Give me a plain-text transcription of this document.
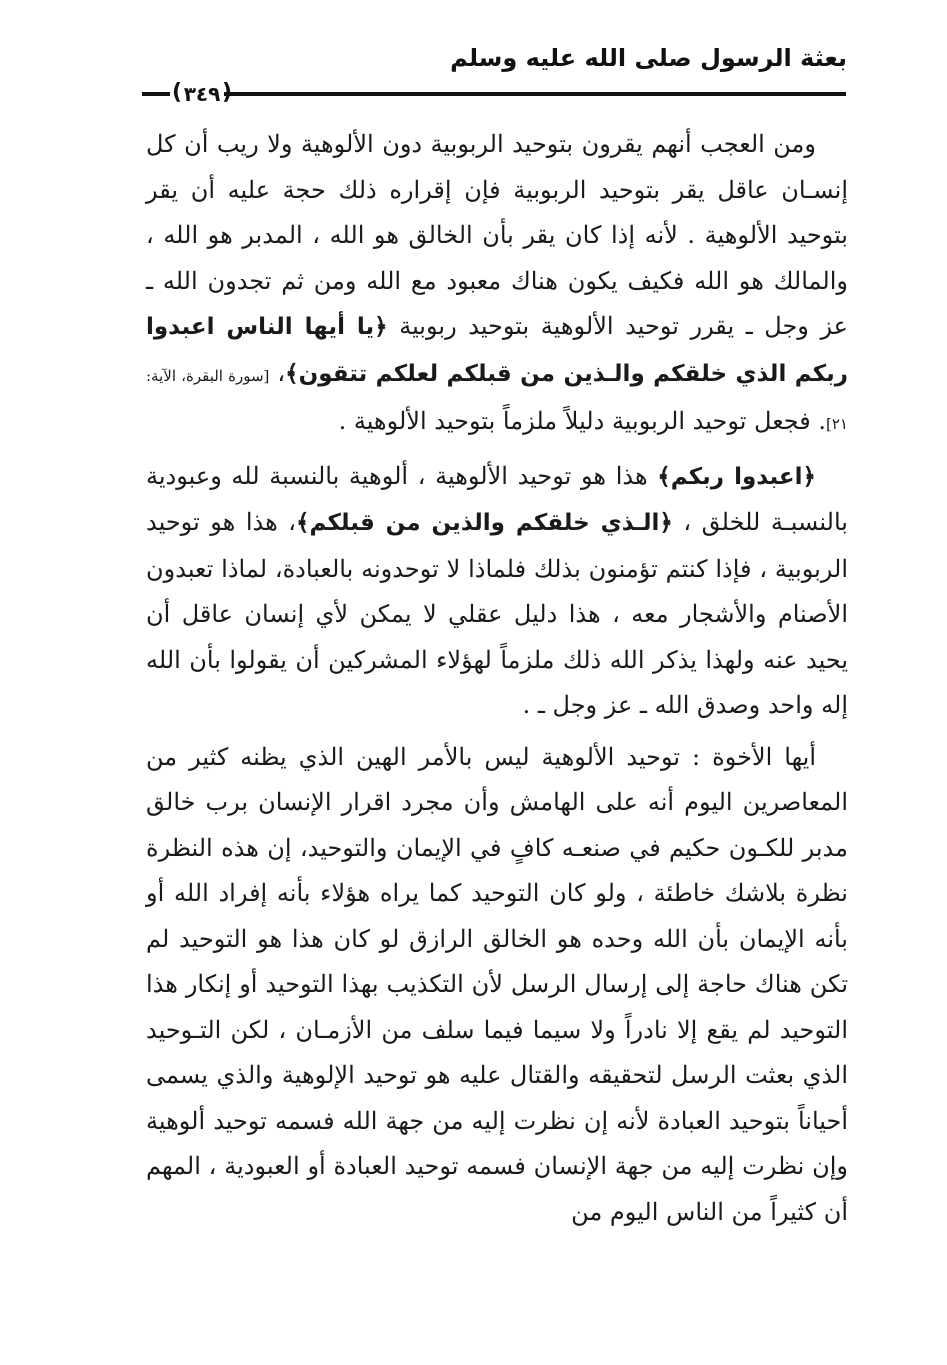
بعثة الرسول صلى الله عليه وسلم
( ٣٤٩ )

ومن العجب أنهم يقرون بتوحيد الربوبية دون الألوهية ولا ريب أن كل إنسـان عاقل يقر بتوحيد الربوبية فإن إقراره ذلك حجة عليه أن يقر بتوحيد الألوهية . لأنه إذا كان يقر بأن الخالق هو الله ، المدبر هو الله ، والمالك هو الله فكيف يكون هناك معبود مع الله ومن ثم تجدون الله ـ عز وجل ـ يقرر توحيد الألوهية بتوحيد ربوبية ﴿يا أيها الناس اعبدوا ربكم الذي خلقكم والـذين من قبلكم لعلكم تتقون﴾، [سورة البقرة، الآية: ٢١]. فجعل توحيد الربوبية دليلاً ملزماً بتوحيد الألوهية .

﴿اعبدوا ربكم﴾ هذا هو توحيد الألوهية ، ألوهية بالنسبة لله وعبودية بالنسبـة للخلق ، ﴿الـذي خلقكم والذين من قبلكم﴾، هذا هو توحيد الربوبية ، فإذا كنتم تؤمنون بذلك فلماذا لا توحدونه بالعبادة، لماذا تعبدون الأصنام والأشجار معه ، هذا دليل عقلي لا يمكن لأي إنسان عاقل أن يحيد عنه ولهذا يذكر الله ذلك ملزماً لهؤلاء المشركين أن يقولوا بأن الله إله واحد وصدق الله ـ عز وجل ـ .

أيها الأخوة : توحيد الألوهية ليس بالأمر الهين الذي يظنه كثير من المعاصرين اليوم أنه على الهامش وأن مجرد اقرار الإنسان برب خالق مدبر للكـون حكيم في صنعـه كافٍ في الإيمان والتوحيد، إن هذه النظرة نظرة بلاشك خاطئة ، ولو كان التوحيد كما يراه هؤلاء بأنه إفراد الله أو بأنه الإيمان بأن الله وحده هو الخالق الرازق لو كان هذا هو التوحيد لم تكن هناك حاجة إلى إرسال الرسل لأن التكذيب بهذا التوحيد أو إنكار هذا التوحيد لم يقع إلا نادراً ولا سيما فيما سلف من الأزمـان ، لكن التـوحيد الذي بعثت الرسل لتحقيقه والقتال عليه هو توحيد الإلوهية والذي يسمى أحياناً بتوحيد العبادة لأنه إن نظرت إليه من جهة الله فسمه توحيد ألوهية وإن نظرت إليه من جهة الإنسان فسمه توحيد العبادة أو العبودية ، المهم أن كثيراً من الناس اليوم من
